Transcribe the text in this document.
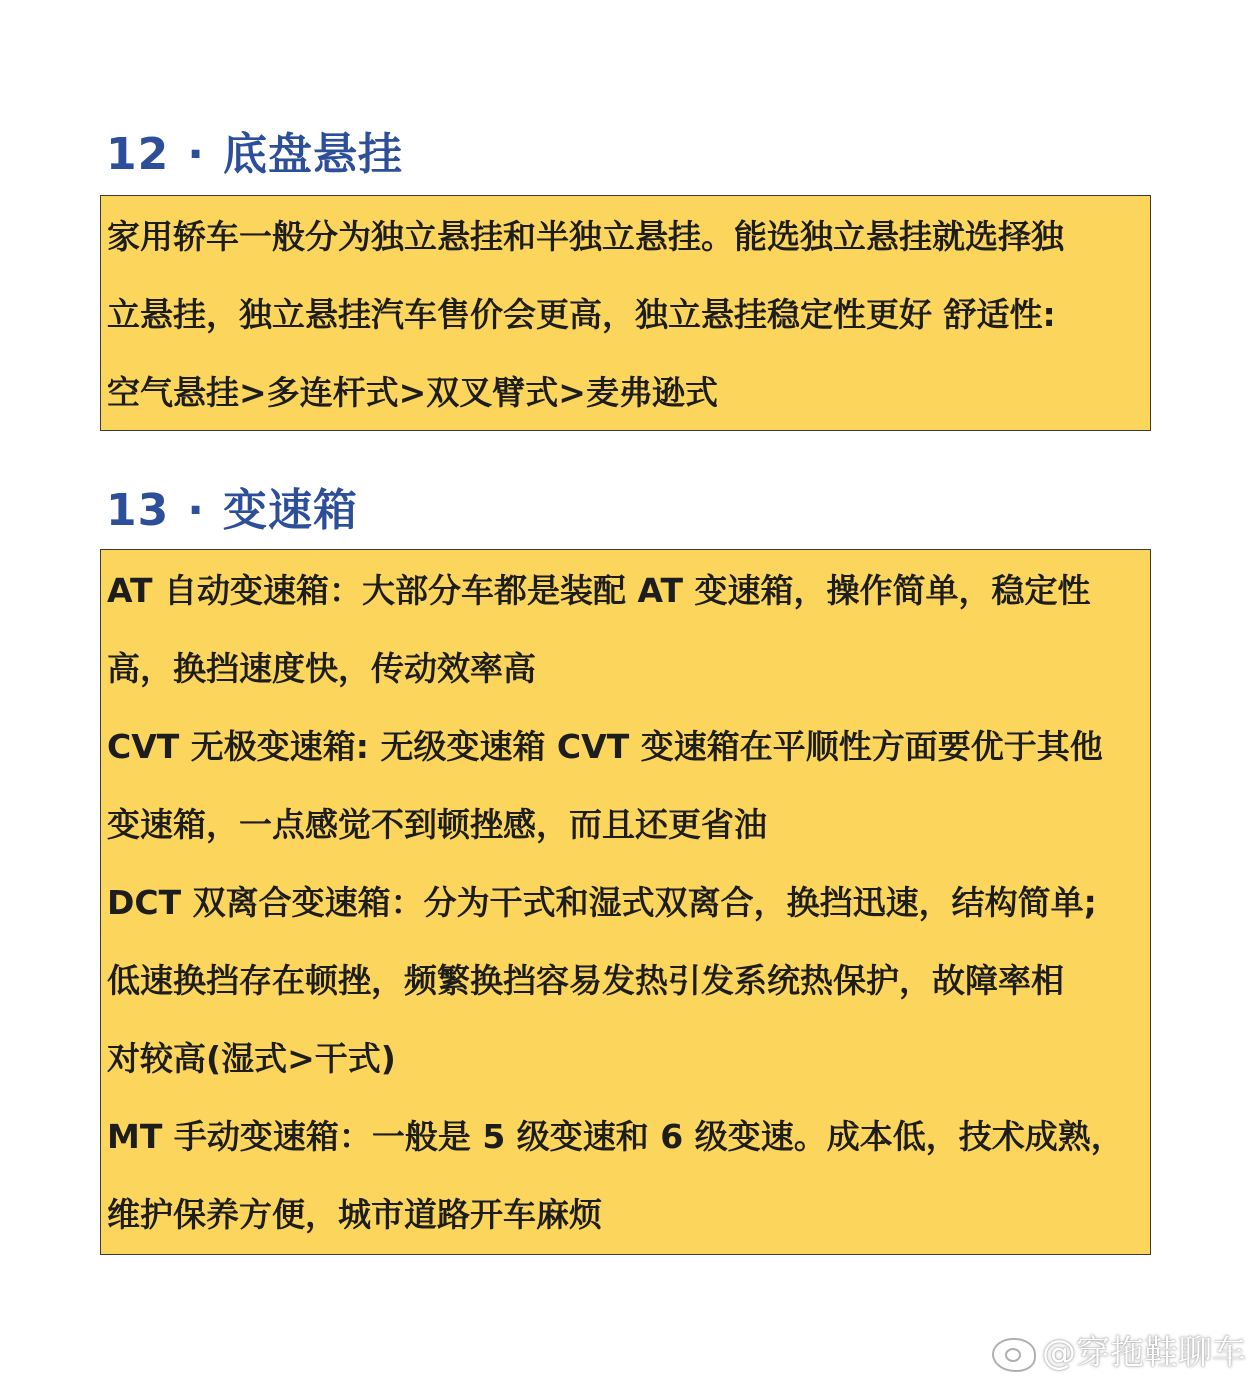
12 · 底盘悬挂
家用轿车一般分为独立悬挂和半独立悬挂。能选独立悬挂就选择独
立悬挂，独立悬挂汽车售价会更高，独立悬挂稳定性更好 舒适性:
空气悬挂>多连杆式>双叉臂式>麦弗逊式
13 · 变速箱
AT 自动变速箱：大部分车都是装配 AT 变速箱，操作简单，稳定性
高，换挡速度快，传动效率高
CVT 无极变速箱: 无级变速箱 CVT 变速箱在平顺性方面要优于其他
变速箱，一点感觉不到顿挫感，而且还更省油
DCT 双离合变速箱：分为干式和湿式双离合，换挡迅速，结构简单;
低速换挡存在顿挫，频繁换挡容易发热引发系统热保护，故障率相
对较高(湿式>干式)
MT 手动变速箱：一般是 5 级变速和 6 级变速。成本低，技术成熟，
维护保养方便，城市道路开车麻烦
@穿拖鞋聊车
